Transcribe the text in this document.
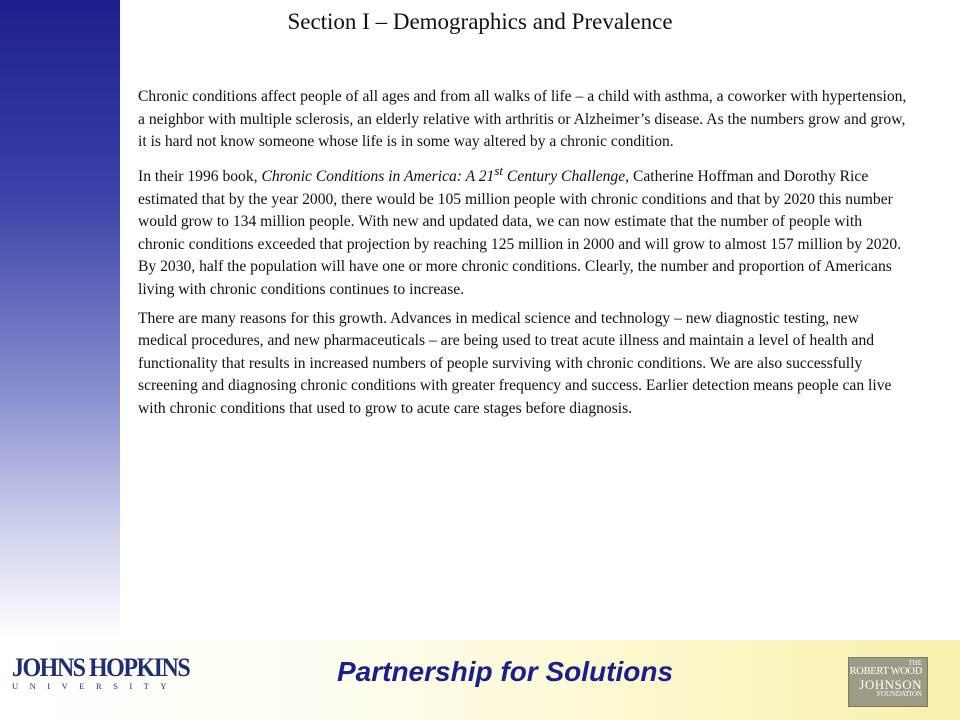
Section I – Demographics and Prevalence

Chronic conditions affect people of all ages and from all walks of life – a child with asthma, a coworker with hypertension, a neighbor with multiple sclerosis, an elderly relative with arthritis or Alzheimer’s disease. As the numbers grow and grow, it is hard not know someone whose life is in some way altered by a chronic condition.

In their 1996 book, Chronic Conditions in America: A 21st Century Challenge, Catherine Hoffman and Dorothy Rice estimated that by the year 2000, there would be 105 million people with chronic conditions and that by 2020 this number would grow to 134 million people. With new and updated data, we can now estimate that the number of people with chronic conditions exceeded that projection by reaching 125 million in 2000 and will grow to almost 157 million by 2020. By 2030, half the population will have one or more chronic conditions. Clearly, the number and proportion of Americans living with chronic conditions continues to increase.

There are many reasons for this growth. Advances in medical science and technology – new diagnostic testing, new medical procedures, and new pharmaceuticals – are being used to treat acute illness and maintain a level of health and functionality that results in increased numbers of people surviving with chronic conditions. We are also successfully screening and diagnosing chronic conditions with greater frequency and success. Earlier detection means people can live with chronic conditions that used to grow to acute care stages before diagnosis.

JOHNS HOPKINS
UNIVERSITY	Partnership for Solutions	THE
ROBERT WOOD
JOHNSON
FOUNDATION
